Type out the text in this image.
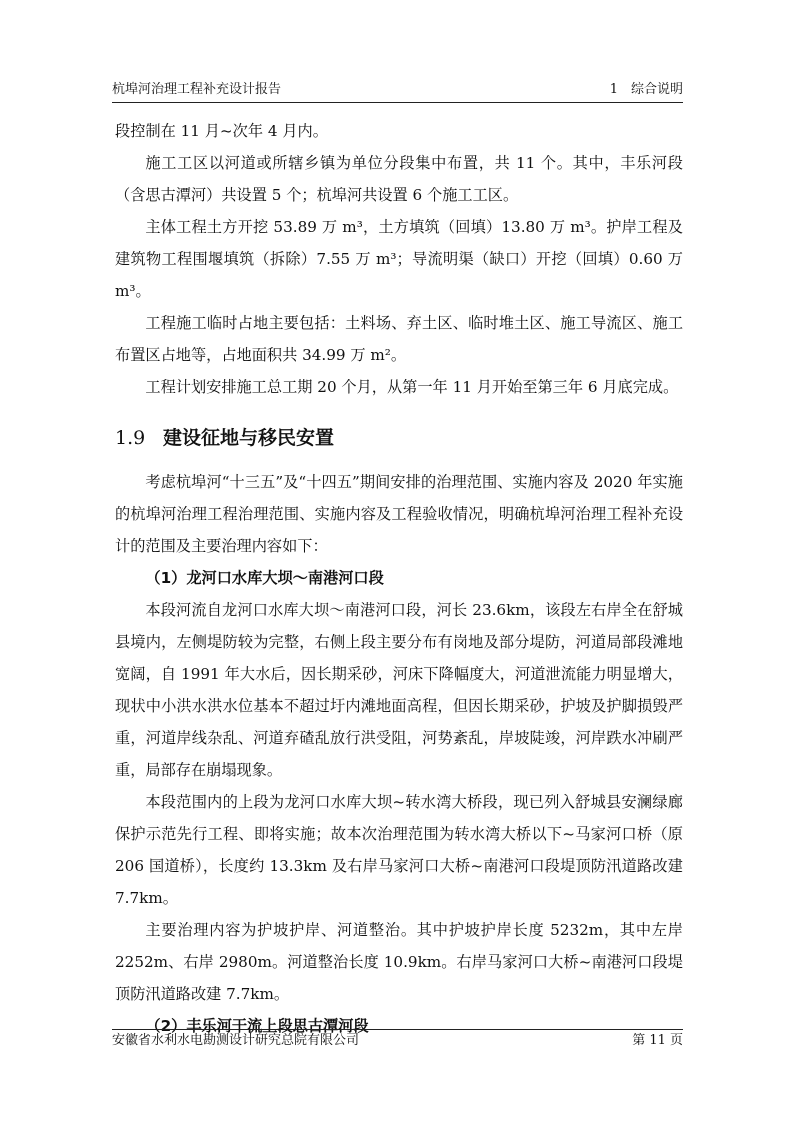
杭埠河治理工程补充设计报告	1　综合说明

段控制在 11 月~次年 4 月内。

施工工区以河道或所辖乡镇为单位分段集中布置，共 11 个。其中，丰乐河段（含思古潭河）共设置 5 个；杭埠河共设置 6 个施工工区。

主体工程土方开挖 53.89 万 m³，土方填筑（回填）13.80 万 m³。护岸工程及建筑物工程围堰填筑（拆除）7.55 万 m³；导流明渠（缺口）开挖（回填）0.60 万 m³。

工程施工临时占地主要包括：土料场、弃土区、临时堆土区、施工导流区、施工布置区占地等，占地面积共 34.99 万 m²。

工程计划安排施工总工期 20 个月，从第一年 11 月开始至第三年 6 月底完成。

1.9 建设征地与移民安置

考虑杭埠河“十三五”及“十四五”期间安排的治理范围、实施内容及 2020 年实施的杭埠河治理工程治理范围、实施内容及工程验收情况，明确杭埠河治理工程补充设计的范围及主要治理内容如下：

（1）龙河口水库大坝～南港河口段

本段河流自龙河口水库大坝～南港河口段，河长 23.6km，该段左右岸全在舒城县境内，左侧堤防较为完整，右侧上段主要分布有岗地及部分堤防，河道局部段滩地宽阔，自 1991 年大水后，因长期采砂，河床下降幅度大，河道泄流能力明显增大，现状中小洪水洪水位基本不超过圩内滩地面高程，但因长期采砂，护坡及护脚损毁严重，河道岸线杂乱、河道弃碴乱放行洪受阻，河势紊乱，岸坡陡竣，河岸跌水冲刷严重，局部存在崩塌现象。

本段范围内的上段为龙河口水库大坝~转水湾大桥段，现已列入舒城县安澜绿廊保护示范先行工程、即将实施；故本次治理范围为转水湾大桥以下~马家河口桥（原 206 国道桥），长度约 13.3km 及右岸马家河口大桥~南港河口段堤顶防汛道路改建 7.7km。

主要治理内容为护坡护岸、河道整治。其中护坡护岸长度 5232m，其中左岸 2252m、右岸 2980m。河道整治长度 10.9km。右岸马家河口大桥~南港河口段堤顶防汛道路改建 7.7km。

（2）丰乐河干流上段思古潭河段

安徽省水利水电勘测设计研究总院有限公司	第 11 页
